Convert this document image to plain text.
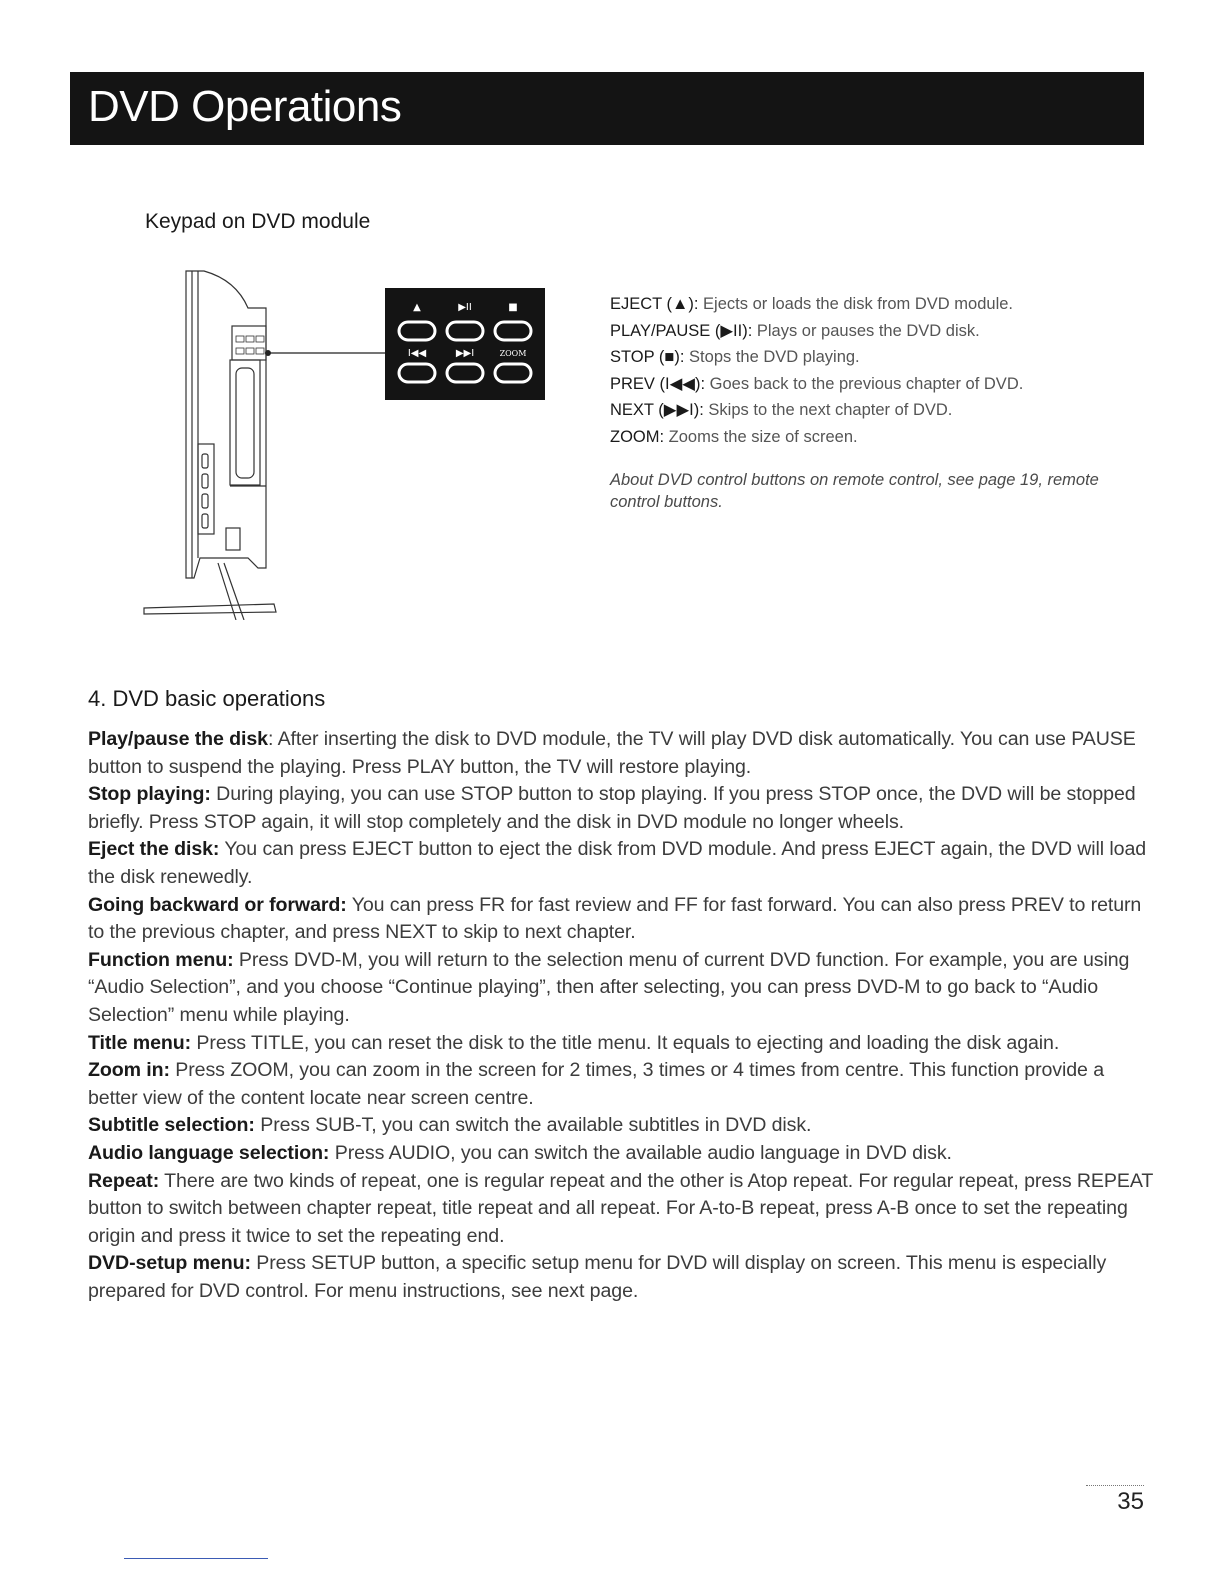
DVD Operations
Keypad on DVD module
▲	▶II	■
I◀◀	▶▶I	ZOOM
EJECT (▲): Ejects or loads the disk from DVD module.
PLAY/PAUSE (▶II): Plays or pauses the DVD disk.
STOP (■): Stops the DVD playing.
PREV (I◀◀): Goes back to the previous chapter of DVD.
NEXT (▶▶I): Skips to the next chapter of DVD.
ZOOM: Zooms the size of screen.
About DVD control buttons on remote control, see page 19, remote control buttons.
4. DVD basic operations

Play/pause the disk: After inserting the disk to DVD module, the TV will play DVD disk automatically. You can use PAUSE button to suspend the playing. Press PLAY button, the TV will restore playing.

Stop playing: During playing, you can use STOP button to stop playing. If you press STOP once, the DVD will be stopped briefly. Press STOP again, it will stop completely and the disk in DVD module no longer wheels.

Eject the disk: You can press EJECT button to eject the disk from DVD module. And press EJECT again, the DVD will load the disk renewedly.

Going backward or forward: You can press FR for fast review and FF for fast forward. You can also press PREV to return to the previous chapter, and press NEXT to skip to next chapter.

Function menu: Press DVD-M, you will return to the selection menu of current DVD function. For example, you are using “Audio Selection”, and you choose “Continue playing”, then after selecting, you can press DVD-M to go back to “Audio Selection” menu while playing.

Title menu: Press TITLE, you can reset the disk to the title menu. It equals to ejecting and loading the disk again.

Zoom in: Press ZOOM, you can zoom in the screen for 2 times, 3 times or 4 times from centre. This function provide a better view of the content locate near screen centre.

Subtitle selection: Press SUB-T, you can switch the available subtitles in DVD disk.

Audio language selection: Press AUDIO, you can switch the available audio language in DVD disk.

Repeat: There are two kinds of repeat, one is regular repeat and the other is Atop repeat. For regular repeat, press REPEAT button to switch between chapter repeat, title repeat and all repeat. For A-to-B repeat, press A-B once to set the repeating origin and press it twice to set the repeating end.

DVD-setup menu: Press SETUP button, a specific setup menu for DVD will display on screen. This menu is especially prepared for DVD control. For menu instructions, see next page.

35
